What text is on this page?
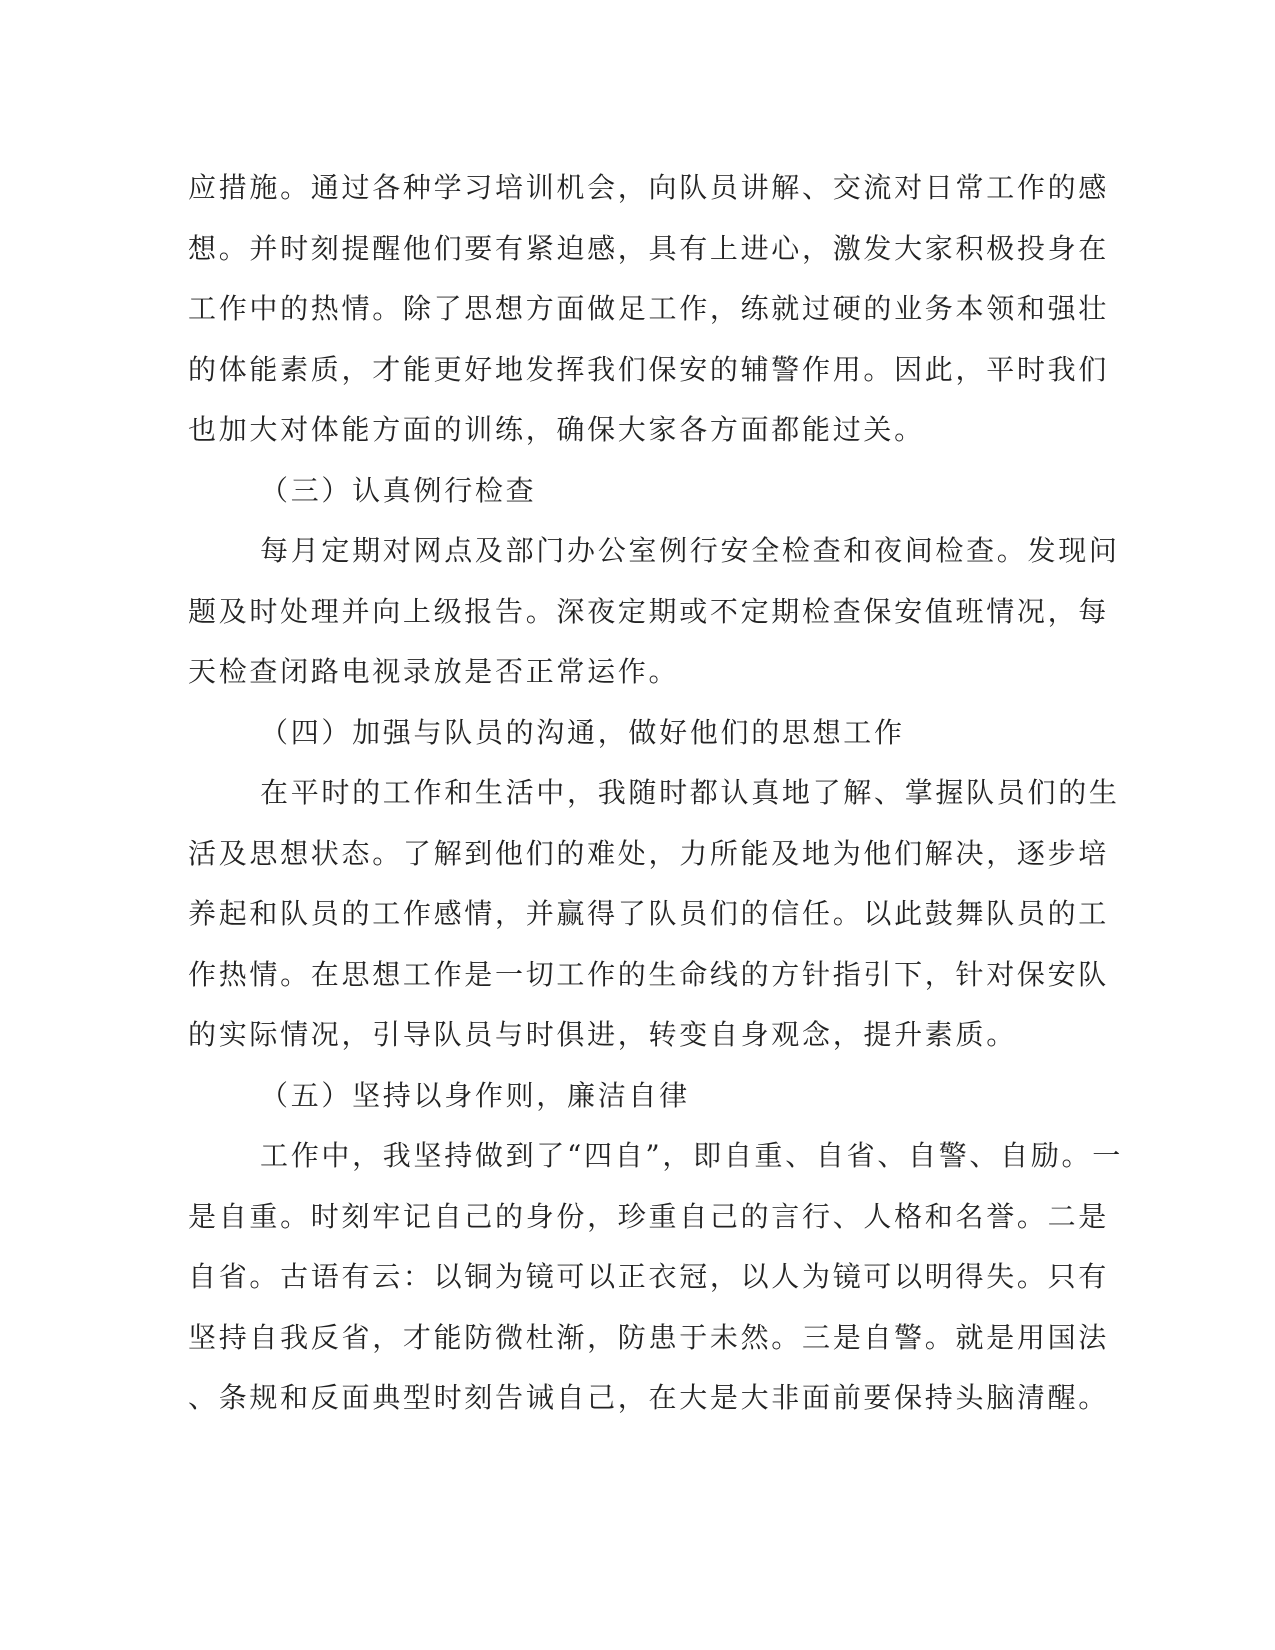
应措施。通过各种学习培训机会，向队员讲解、交流对日常工作的感
想。并时刻提醒他们要有紧迫感，具有上进心，激发大家积极投身在
工作中的热情。除了思想方面做足工作，练就过硬的业务本领和强壮
的体能素质，才能更好地发挥我们保安的辅警作用。因此，平时我们
也加大对体能方面的训练，确保大家各方面都能过关。
（三）认真例行检查
每月定期对网点及部门办公室例行安全检查和夜间检查。发现问
题及时处理并向上级报告。深夜定期或不定期检查保安值班情况，每
天检查闭路电视录放是否正常运作。
（四）加强与队员的沟通，做好他们的思想工作
在平时的工作和生活中，我随时都认真地了解、掌握队员们的生
活及思想状态。了解到他们的难处，力所能及地为他们解决，逐步培
养起和队员的工作感情，并赢得了队员们的信任。以此鼓舞队员的工
作热情。在思想工作是一切工作的生命线的方针指引下，针对保安队
的实际情况，引导队员与时俱进，转变自身观念，提升素质。
（五）坚持以身作则，廉洁自律
工作中，我坚持做到了“四自”，即自重、自省、自警、自励。一
是自重。时刻牢记自己的身份，珍重自己的言行、人格和名誉。二是
自省。古语有云：以铜为镜可以正衣冠，以人为镜可以明得失。只有
坚持自我反省，才能防微杜渐，防患于未然。三是自警。就是用国法
、条规和反面典型时刻告诫自己，在大是大非面前要保持头脑清醒。
